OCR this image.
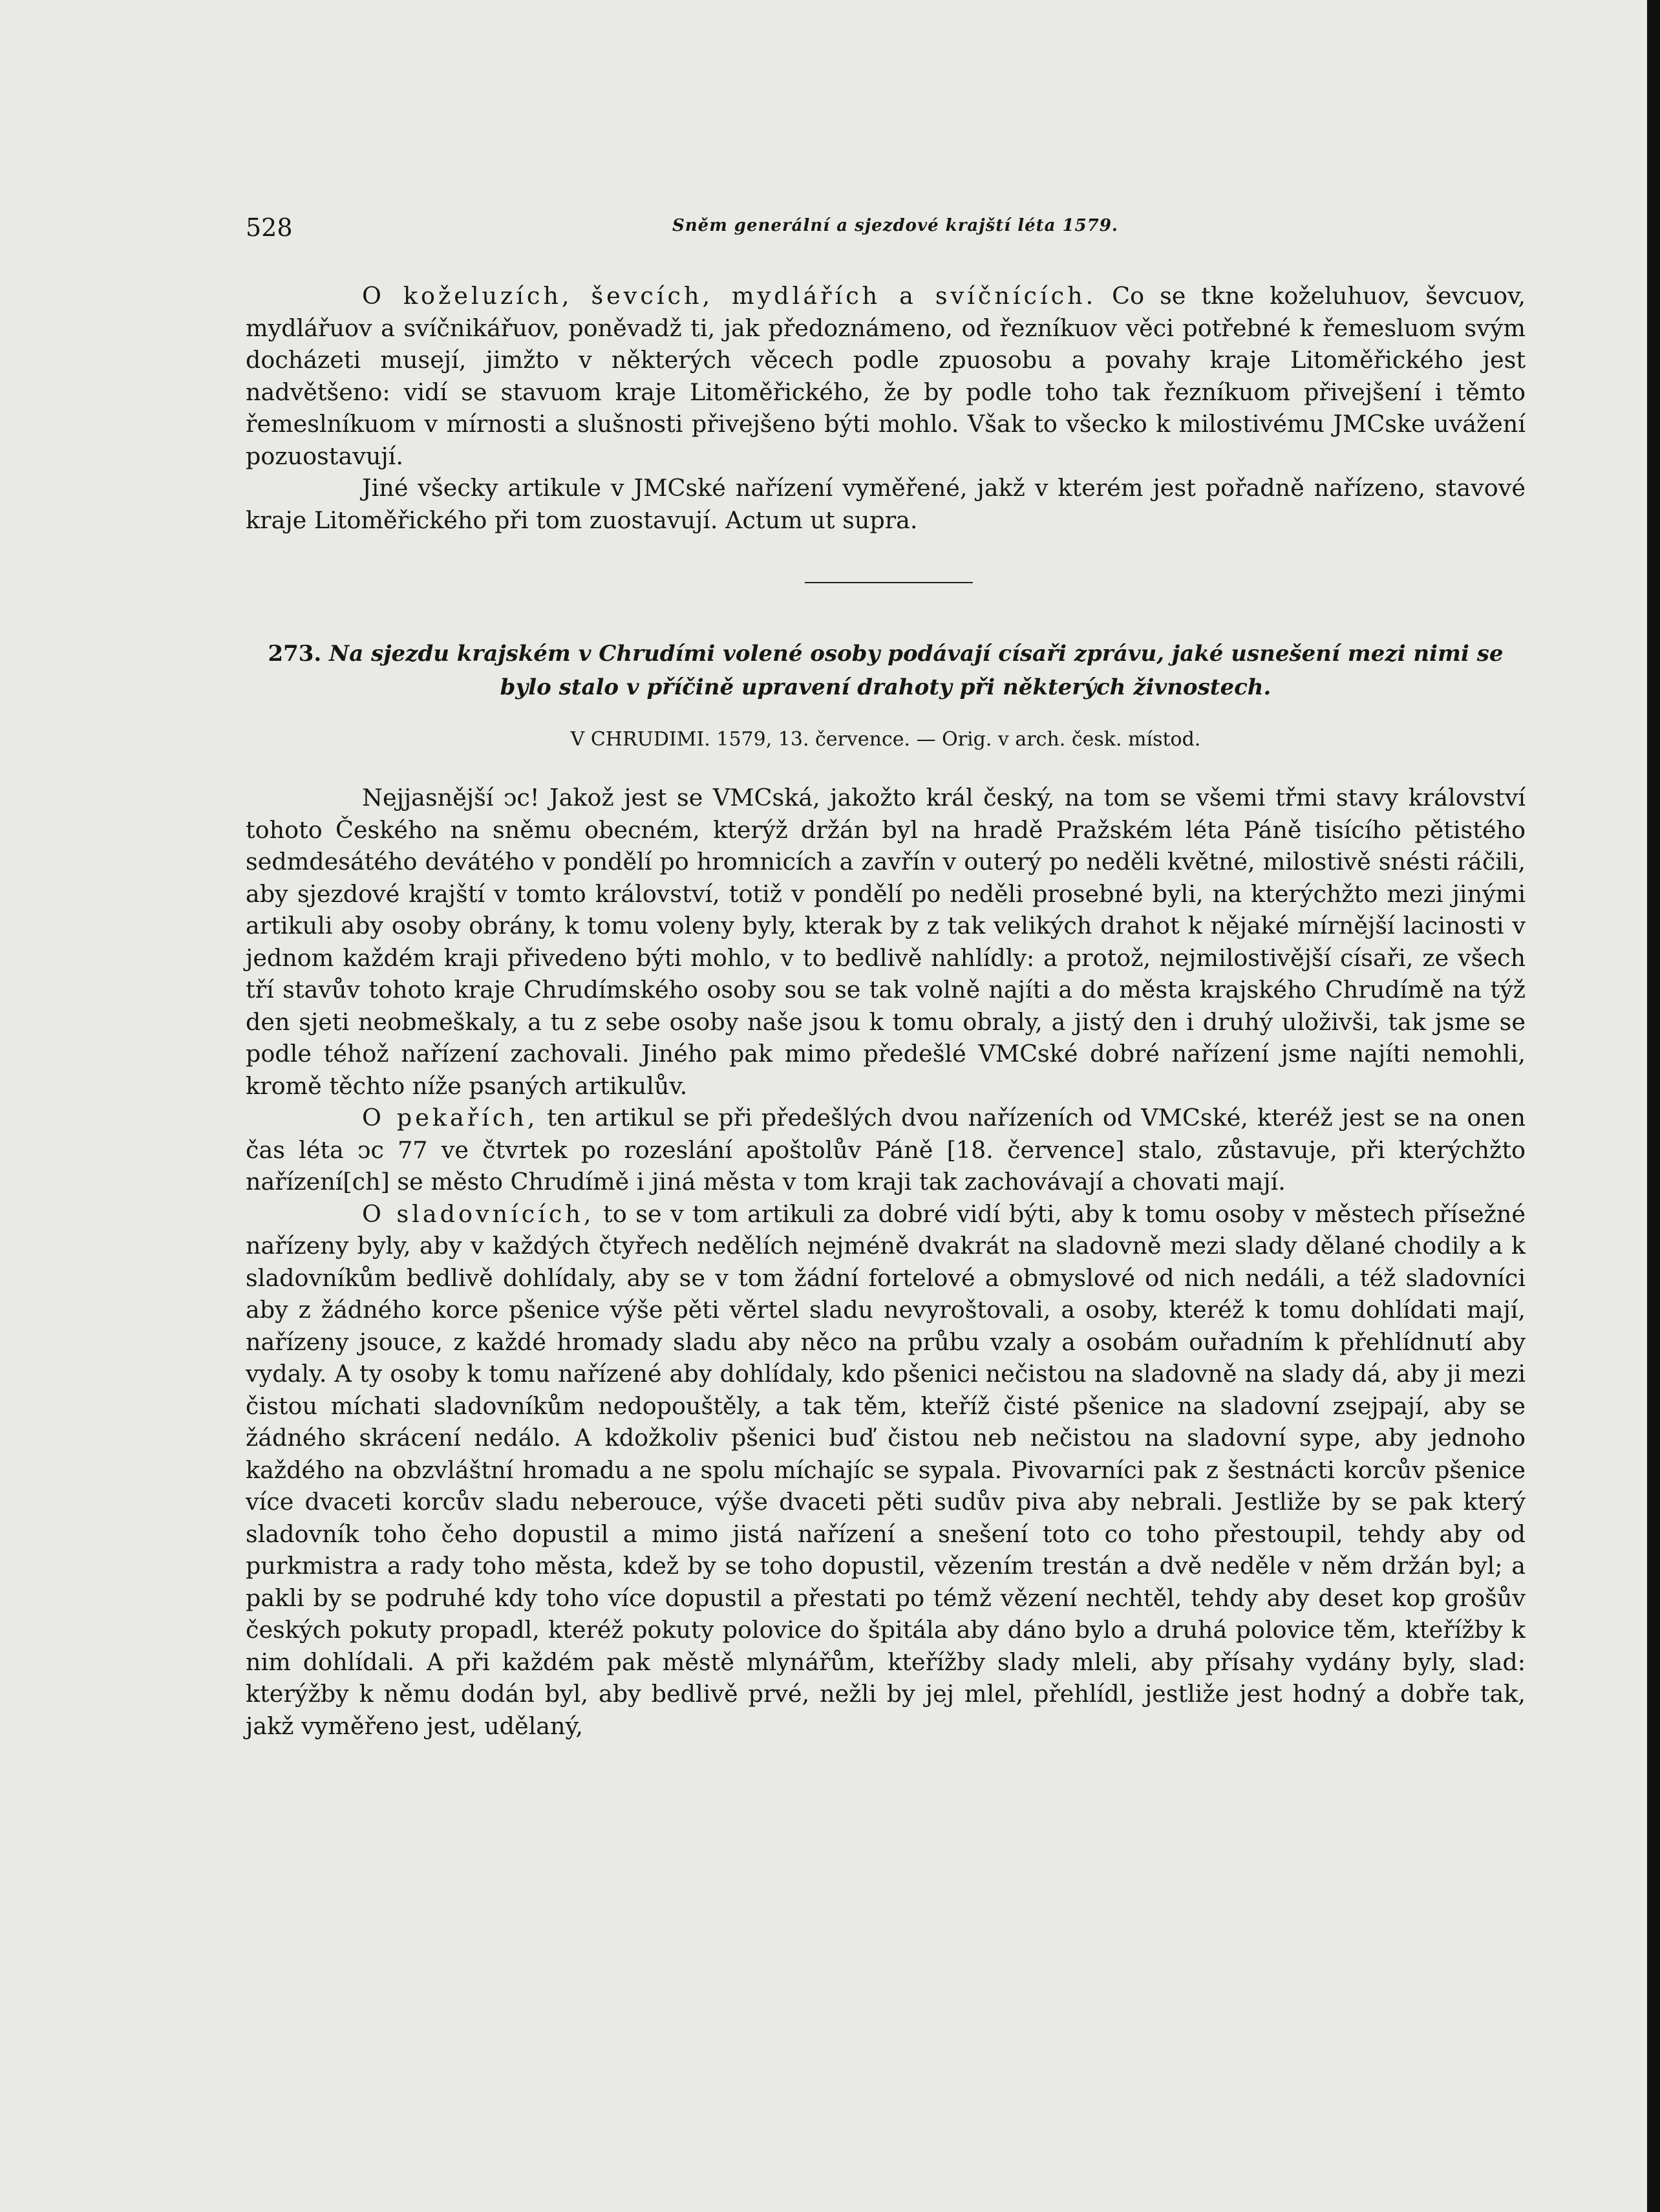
528	Sněm generální a sjezdové krajští léta 1579.

O koželuzích, ševcích, mydlářích a svíčnících. Co se tkne koželuhuov, ševcuov, mydlářuov a svíčnikářuov, poněvadž ti, jak předoznámeno, od řezníkuov věci potřebné k řemesluom svým docházeti musejí, jimžto v některých věcech podle zpuosobu a povahy kraje Litoměřického jest nadvětšeno: vidí se stavuom kraje Litoměřického, že by podle toho tak řezníkuom přivejšení i těmto řemeslníkuom v mírnosti a slušnosti přivejšeno býti mohlo. Však to všecko k milostivému JMCske uvážení pozuostavují.

Jiné všecky artikule v JMCské nařízení vyměřené, jakž v kterém jest pořadně nařízeno, stavové kraje Litoměřického při tom zuostavují. Actum ut supra.

273. Na sjezdu krajském v Chrudími volené osoby podávají císaři zprávu, jaké usnešení mezi nimi se bylo stalo v příčině upravení drahoty při některých živnostech.
V CHRUDIMI. 1579, 13. července. — Orig. v arch. česk. místod.

Nejjasnější ↄc! Jakož jest se VMCská, jakožto král český, na tom se všemi třmi stavy království tohoto Českého na sněmu obecném, kterýž držán byl na hradě Pražském léta Páně tisícího pětistého sedmdesátého devátého v pondělí po hromnicích a zavřín v outerý po neděli květné, milostivě snésti ráčili, aby sjezdové krajští v tomto království, totiž v pondělí po neděli prosebné byli, na kterýchžto mezi jinými artikuli aby osoby obrány, k tomu voleny byly, kterak by z tak velikých drahot k nějaké mírnější lacinosti v jednom každém kraji přivedeno býti mohlo, v to bedlivě nahlídly: a protož, nejmilostivější císaři, ze všech tří stavův tohoto kraje Chrudímského osoby sou se tak volně najíti a do města krajského Chrudímě na týž den sjeti neobmeškaly, a tu z sebe osoby naše jsou k tomu obraly, a jistý den i druhý uloživši, tak jsme se podle téhož nařízení zachovali. Jiného pak mimo předešlé VMCské dobré nařízení jsme najíti nemohli, kromě těchto níže psaných artikulův.

O pekařích, ten artikul se při předešlých dvou nařízeních od VMCské, kteréž jest se na onen čas léta ↄc 77 ve čtvrtek po rozeslání apoštolův Páně [18. července] stalo, zůstavuje, při kterýchžto nařízení[ch] se město Chrudímě i jiná města v tom kraji tak zachovávají a chovati mají.

O sladovnících, to se v tom artikuli za dobré vidí býti, aby k tomu osoby v městech přísežné nařízeny byly, aby v každých čtyřech nedělích nejméně dvakrát na sladovně mezi slady dělané chodily a k sladovníkům bedlivě dohlídaly, aby se v tom žádní fortelové a obmyslové od nich nedáli, a též sladovníci aby z žádného korce pšenice výše pěti věrtel sladu nevyroštovali, a osoby, kteréž k tomu dohlídati mají, nařízeny jsouce, z každé hromady sladu aby něco na průbu vzaly a osobám ouřadním k přehlídnutí aby vydaly. A ty osoby k tomu nařízené aby dohlídaly, kdo pšenici nečistou na sladovně na slady dá, aby ji mezi čistou míchati sladovníkům nedopouštěly, a tak těm, kteříž čisté pšenice na sladovní zsejpají, aby se žádného skrácení nedálo. A kdožkoliv pšenici buď čistou neb nečistou na sladovní sype, aby jednoho každého na obzvláštní hromadu a ne spolu míchajíc se sypala. Pivovarníci pak z šestnácti korcův pšenice více dvaceti korcův sladu neberouce, výše dvaceti pěti sudův piva aby nebrali. Jestliže by se pak který sladovník toho čeho dopustil a mimo jistá nařízení a snešení toto co toho přestoupil, tehdy aby od purkmistra a rady toho města, kdež by se toho dopustil, vězením trestán a dvě neděle v něm držán byl; a pakli by se podruhé kdy toho více dopustil a přestati po témž vězení nechtěl, tehdy aby deset kop grošův českých pokuty propadl, kteréž pokuty polovice do špitála aby dáno bylo a druhá polovice těm, kteřížby k nim dohlídali. A při každém pak městě mlynářům, kteřížby slady mleli, aby přísahy vydány byly, slad: kterýžby k němu dodán byl, aby bedlivě prvé, nežli by jej mlel, přehlídl, jestliže jest hodný a dobře tak, jakž vyměřeno jest, udělaný,
